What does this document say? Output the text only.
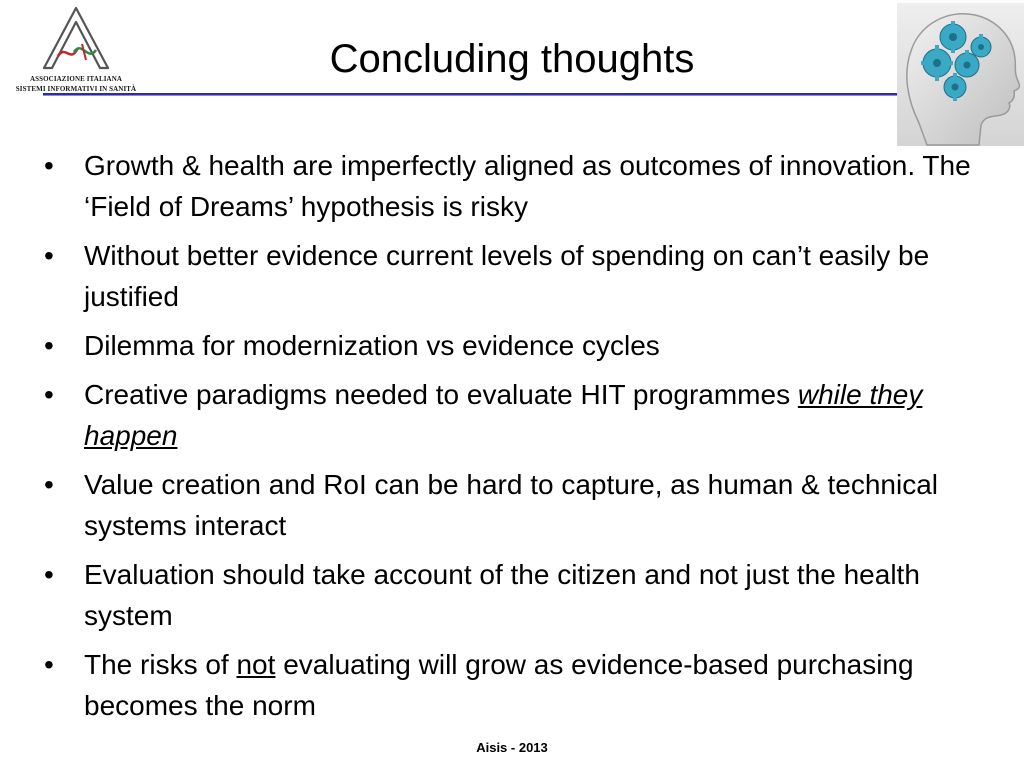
ASSOCIAZIONE ITALIANA
SISTEMI INFORMATIVI IN SANITÀ
Concluding thoughts
• Growth & health are imperfectly aligned as outcomes of innovation. The ‘Field of Dreams’ hypothesis is risky
• Without better evidence current levels of spending on can’t easily be justified
• Dilemma for modernization vs evidence cycles
• Creative paradigms needed to evaluate HIT programmes while they happen
• Value creation and RoI can be hard to capture, as human & technical systems interact
• Evaluation should take account of the citizen and not just the health system
• The risks of not evaluating will grow as evidence-based purchasing becomes the norm
Aisis - 2013
